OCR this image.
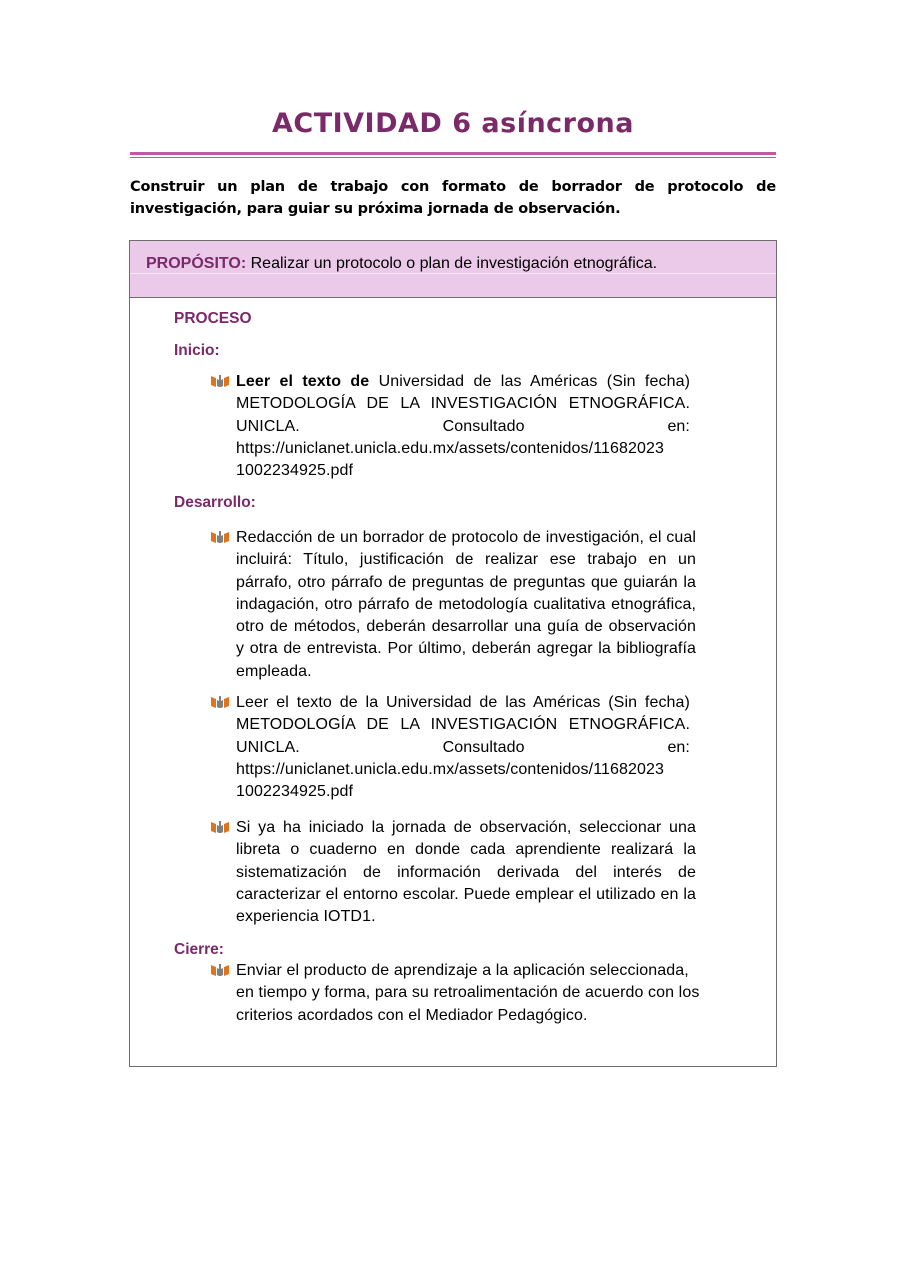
ACTIVIDAD 6 asíncrona
Construir un plan de trabajo con formato de borrador de protocolo de investigación, para guiar su próxima jornada de observación.
PROPÓSITO: Realizar un protocolo o plan de investigación etnográfica.
PROCESO
Inicio:
Leer el texto de Universidad de las Américas (Sin fecha)
METODOLOGÍA DE LA INVESTIGACIÓN ETNOGRÁFICA.
UNICLA.	Consultado	en:
https://uniclanet.unicla.edu.mx/assets/contenidos/11682023
1002234925.pdf
Desarrollo:
Redacción de un borrador de protocolo de investigación, el cual incluirá: Título, justificación de realizar ese trabajo en un párrafo, otro párrafo de preguntas de preguntas que guiarán la indagación, otro párrafo de metodología cualitativa etnográfica, otro de métodos, deberán desarrollar una guía de observación y otra de entrevista. Por último, deberán agregar la bibliografía empleada.
Leer el texto de la Universidad de las Américas (Sin fecha)
METODOLOGÍA DE LA INVESTIGACIÓN ETNOGRÁFICA.
UNICLA.	Consultado	en:
https://uniclanet.unicla.edu.mx/assets/contenidos/11682023
1002234925.pdf
Si ya ha iniciado la jornada de observación, seleccionar una libreta o cuaderno en donde cada aprendiente realizará la sistematización de información derivada del interés de caracterizar el entorno escolar. Puede emplear el utilizado en la experiencia IOTD1.
Cierre:
Enviar el producto de aprendizaje a la aplicación seleccionada, en tiempo y forma, para su retroalimentación de acuerdo con los criterios acordados con el Mediador Pedagógico.
